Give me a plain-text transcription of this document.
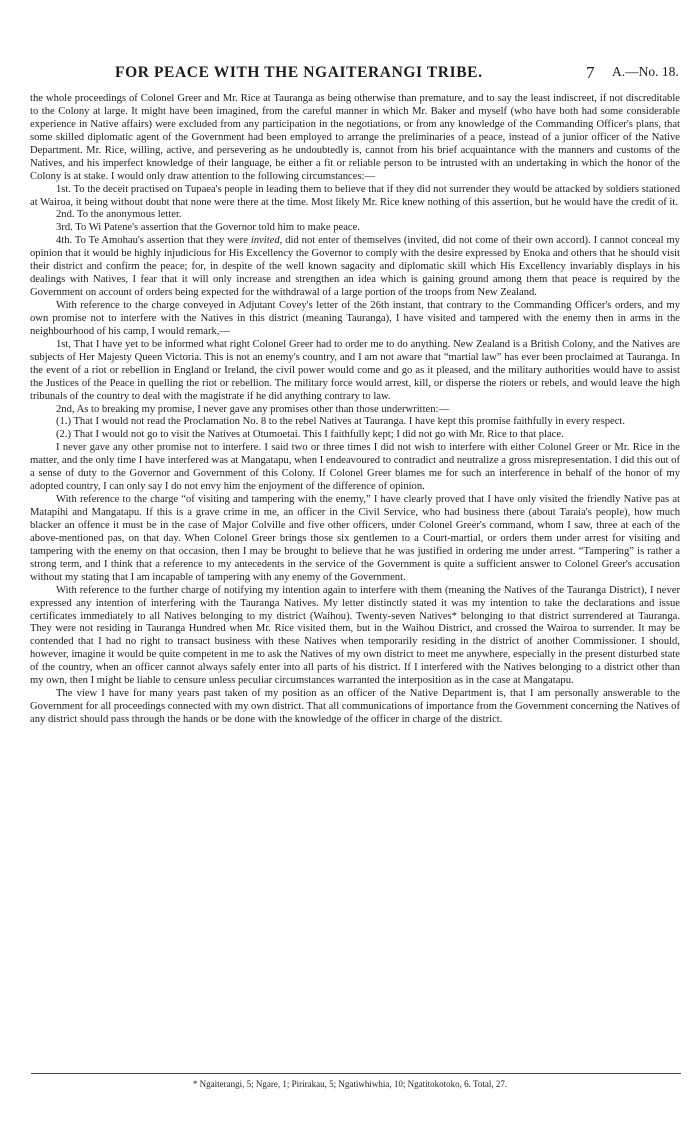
FOR PEACE WITH THE NGAITERANGI TRIBE.	7 A.—No. 18.

the whole proceedings of Colonel Greer and Mr. Rice at Tauranga as being otherwise than premature, and to say the least indiscreet, if not discreditable to the Colony at large. It might have been imagined, from the careful manner in which Mr. Baker and myself (who have both had some considerable experience in Native affairs) were excluded from any participation in the negotiations, or from any knowledge of the Commanding Officer's plans, that some skilled diplomatic agent of the Government had been employed to arrange the preliminaries of a peace, instead of a junior officer of the Native Department. Mr. Rice, willing, active, and persevering as he undoubtedly is, cannot from his brief acquaintance with the manners and customs of the Natives, and his imperfect knowledge of their language, be either a fit or reliable person to be intrusted with an undertaking in which the honor of the Colony is at stake. I would only draw attention to the following circumstances:—

1st. To the deceit practised on Tupaea's people in leading them to believe that if they did not surrender they would be attacked by soldiers stationed at Wairoa, it being without doubt that none were there at the time. Most likely Mr. Rice knew nothing of this assertion, but he would have the credit of it.

2nd. To the anonymous letter.

3rd. To Wi Patene's assertion that the Governor told him to make peace.

4th. To Te Amohau's assertion that they were invited, did not enter of themselves (invited, did not come of their own accord). I cannot conceal my opinion that it would be highly injudicious for His Excellency the Governor to comply with the desire expressed by Enoka and others that he should visit their district and confirm the peace; for, in despite of the well known sagacity and diplomatic skill which His Excellency invariably displays in his dealings with Natives, I fear that it will only increase and strengthen an idea which is gaining ground among them that peace is required by the Government on account of orders being expected for the withdrawal of a large portion of the troops from New Zealand.

With reference to the charge conveyed in Adjutant Covey's letter of the 26th instant, that contrary to the Commanding Officer's orders, and my own promise not to interfere with the Natives in this district (meaning Tauranga), I have visited and tampered with the enemy then in arms in the neighbourhood of his camp, I would remark,—

1st, That I have yet to be informed what right Colonel Greer had to order me to do anything. New Zealand is a British Colony, and the Natives are subjects of Her Majesty Queen Victoria. This is not an enemy's country, and I am not aware that “martial law” has ever been proclaimed at Tauranga. In the event of a riot or rebellion in England or Ireland, the civil power would come and go as it pleased, and the military authorities would have to assist the Justices of the Peace in quelling the riot or rebellion. The military force would arrest, kill, or disperse the rioters or rebels, and would leave the high tribunals of the country to deal with the magistrate if he did anything contrary to law.

2nd, As to breaking my promise, I never gave any promises other than those underwritten:—

(1.) That I would not read the Proclamation No. 8 to the rebel Natives at Tauranga. I have kept this promise faithfully in every respect.

(2.) That I would not go to visit the Natives at Otumoetai. This I faithfully kept; I did not go with Mr. Rice to that place.

I never gave any other promise not to interfere. I said two or three times I did not wish to interfere with either Colonel Greer or Mr. Rice in the matter, and the only time I have interfered was at Mangatapu, when I endeavoured to contradict and neutralize a gross misrepresentation. I did this out of a sense of duty to the Governor and Government of this Colony. If Colonel Greer blames me for such an interference in behalf of the honor of my adopted country, I can only say I do not envy him the enjoyment of the difference of opinion.

With reference to the charge “of visiting and tampering with the enemy,” I have clearly proved that I have only visited the friendly Native pas at Matapihi and Mangatapu. If this is a grave crime in me, an officer in the Civil Service, who had business there (about Taraia's people), how much blacker an offence it must be in the case of Major Colville and five other officers, under Colonel Greer's command, whom I saw, three at each of the above-mentioned pas, on that day. When Colonel Greer brings those six gentlemen to a Court-martial, or orders them under arrest for visiting and tampering with the enemy on that occasion, then I may be brought to believe that he was justified in ordering me under arrest. “Tampering” is rather a strong term, and I think that a reference to my antecedents in the service of the Government is quite a sufficient answer to Colonel Greer's accusation without my stating that I am incapable of tampering with any enemy of the Government.

With reference to the further charge of notifying my intention again to interfere with them (meaning the Natives of the Tauranga District), I never expressed any intention of interfering with the Tauranga Natives. My letter distinctly stated it was my intention to take the declarations and issue certificates immediately to all Natives belonging to my district (Waihou). Twenty-seven Natives* belonging to that district surrendered at Tauranga. They were not residing in Tauranga Hundred when Mr. Rice visited them, but in the Waihou District, and crossed the Wairoa to surrender. It may be contended that I had no right to transact business with these Natives when temporarily residing in the district of another Commissioner. I should, however, imagine it would be quite competent in me to ask the Natives of my own district to meet me anywhere, especially in the present disturbed state of the country, when an officer cannot always safely enter into all parts of his district. If I interfered with the Natives belonging to a district other than my own, then I might be liable to censure unless peculiar circumstances warranted the interposition as in the case at Mangatapu.

The view I have for many years past taken of my position as an officer of the Native Department is, that I am personally answerable to the Government for all proceedings connected with my own district. That all communications of importance from the Government concerning the Natives of any district should pass through the hands or be done with the knowledge of the officer in charge of the district.

* Ngaiterangi, 5; Ngare, 1; Pirirakau, 5; Ngatiwhiwhia, 10; Ngatitokotoko, 6. Total, 27.
